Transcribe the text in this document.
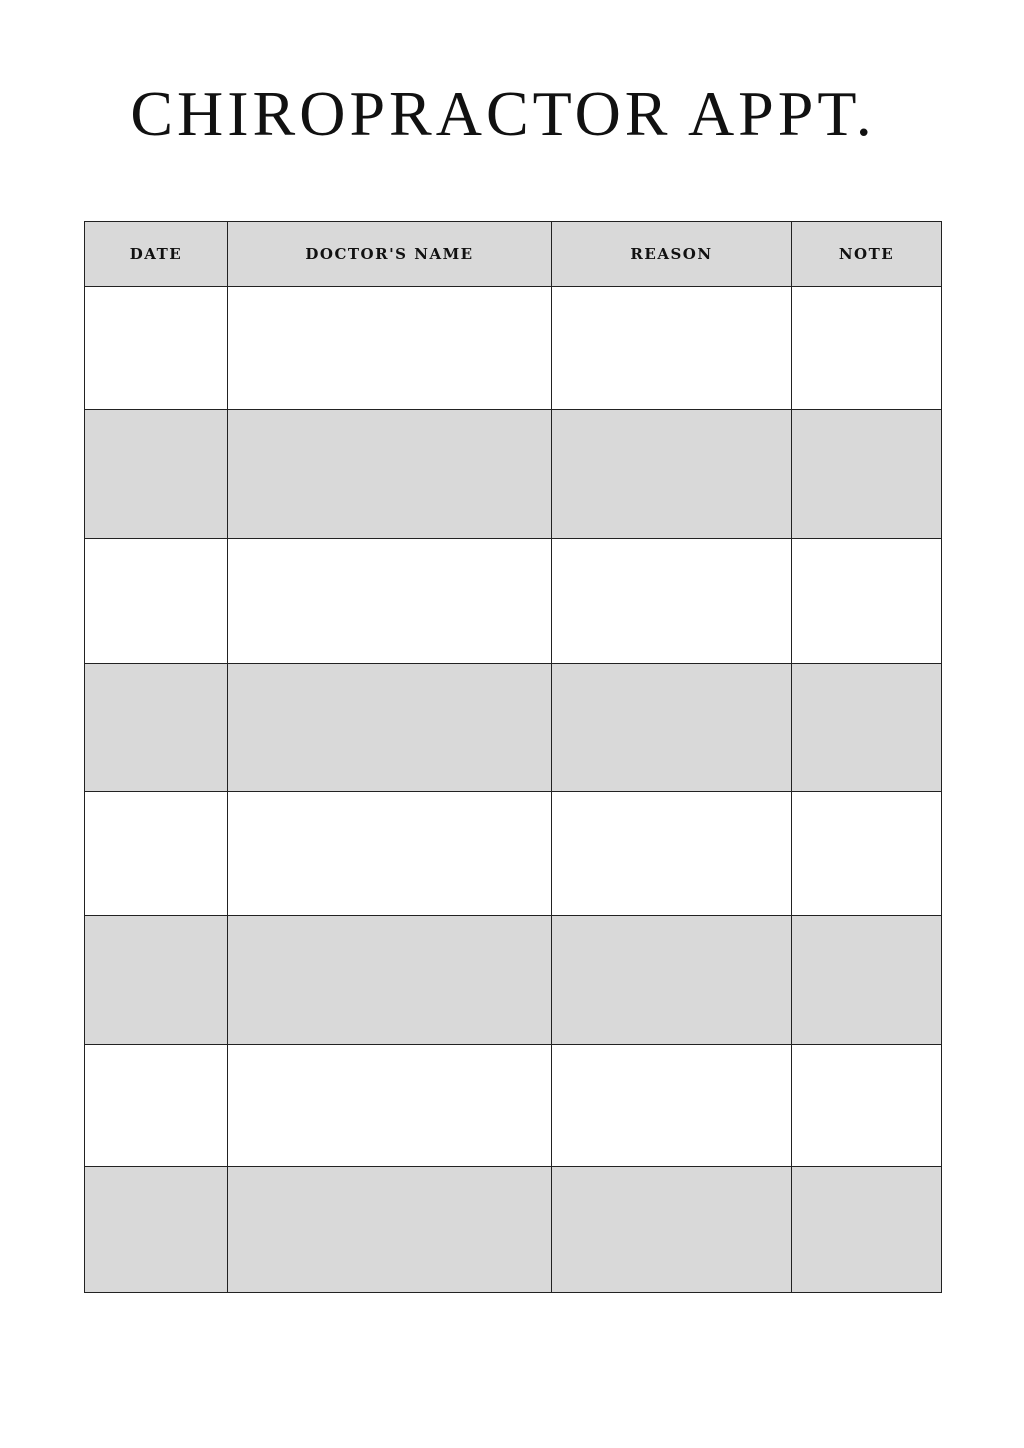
CHIROPRACTOR APPT.
DATE	DOCTOR'S NAME	REASON	NOTE
